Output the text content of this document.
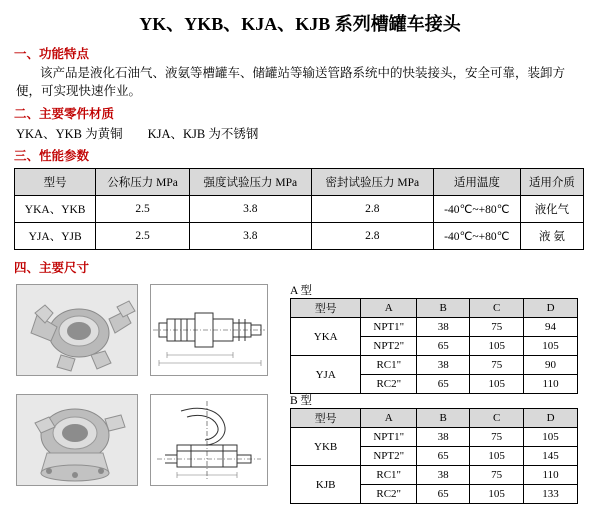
YK、YKB、KJA、KJB 系列槽罐车接头
一、功能特点
该产品是液化石油气、液氨等槽罐车、储罐站等输送管路系统中的快装接头，安全可靠，装卸方便，可实现快速作业。
二、主要零件材质
YKA、YKB 为黄铜        KJA、KJB 为不锈钢
三、性能参数
型号	公称压力 MPa	强度试验压力 MPa	密封试验压力 MPa	适用温度	适用介质
YKA、YKB	2.5	3.8	2.8	-40℃~+80℃	液化气
YJA、YJB	2.5	3.8	2.8	-40℃~+80℃	液 氨
四、主要尺寸
A 型
型号	A	B	C	D
YKA	NPT1"	38	75	94
	NPT2"	65	105	105
YJA	RC1"	38	75	90
	RC2"	65	105	110
B 型
型号	A	B	C	D
YKB	NPT1"	38	75	105
	NPT2"	65	105	145
KJB	RC1"	38	75	110
	RC2"	65	105	133
